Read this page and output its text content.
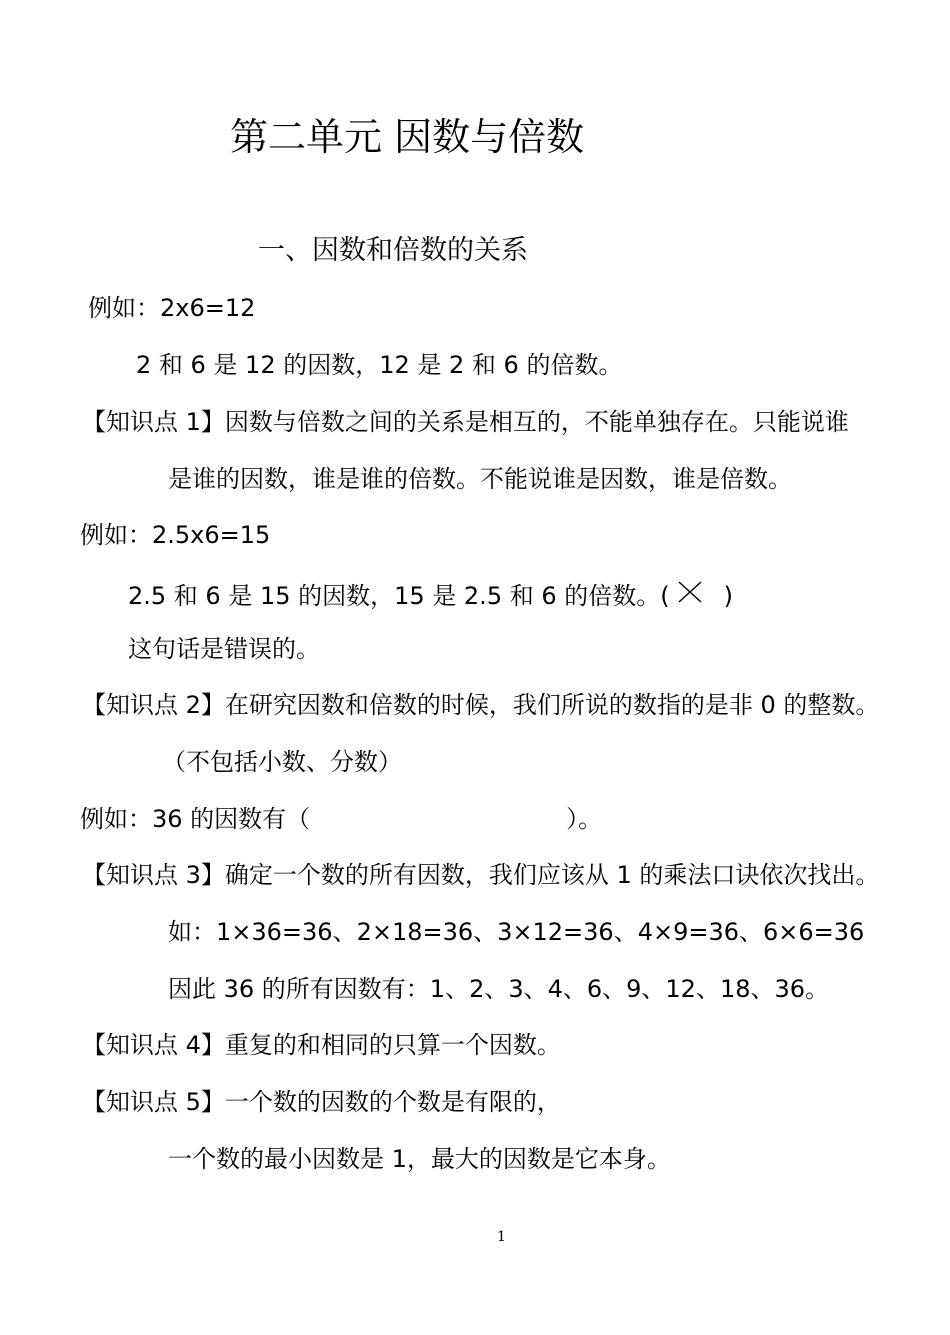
第二单元 因数与倍数
一、因数和倍数的关系
例如：2x6=12
2 和 6 是 12 的因数，12 是 2 和 6 的倍数。
【知识点 1】因数与倍数之间的关系是相互的，不能单独存在。只能说谁
是谁的因数，谁是谁的倍数。不能说谁是因数，谁是倍数。
例如：2.5x6=15
2.5 和 6 是 15 的因数，15 是 2.5 和 6 的倍数。( )
这句话是错误的。
【知识点 2】在研究因数和倍数的时候，我们所说的数指的是非 0 的整数。
（不包括小数、分数）
例如：36 的因数有（	）。
【知识点 3】确定一个数的所有因数，我们应该从 1 的乘法口诀依次找出。
如：1×36=36、2×18=36、3×12=36、4×9=36、6×6=36
因此 36 的所有因数有：1、2、3、4、6、9、12、18、36。
【知识点 4】重复的和相同的只算一个因数。
【知识点 5】一个数的因数的个数是有限的，
一个数的最小因数是 1，最大的因数是它本身。
1
